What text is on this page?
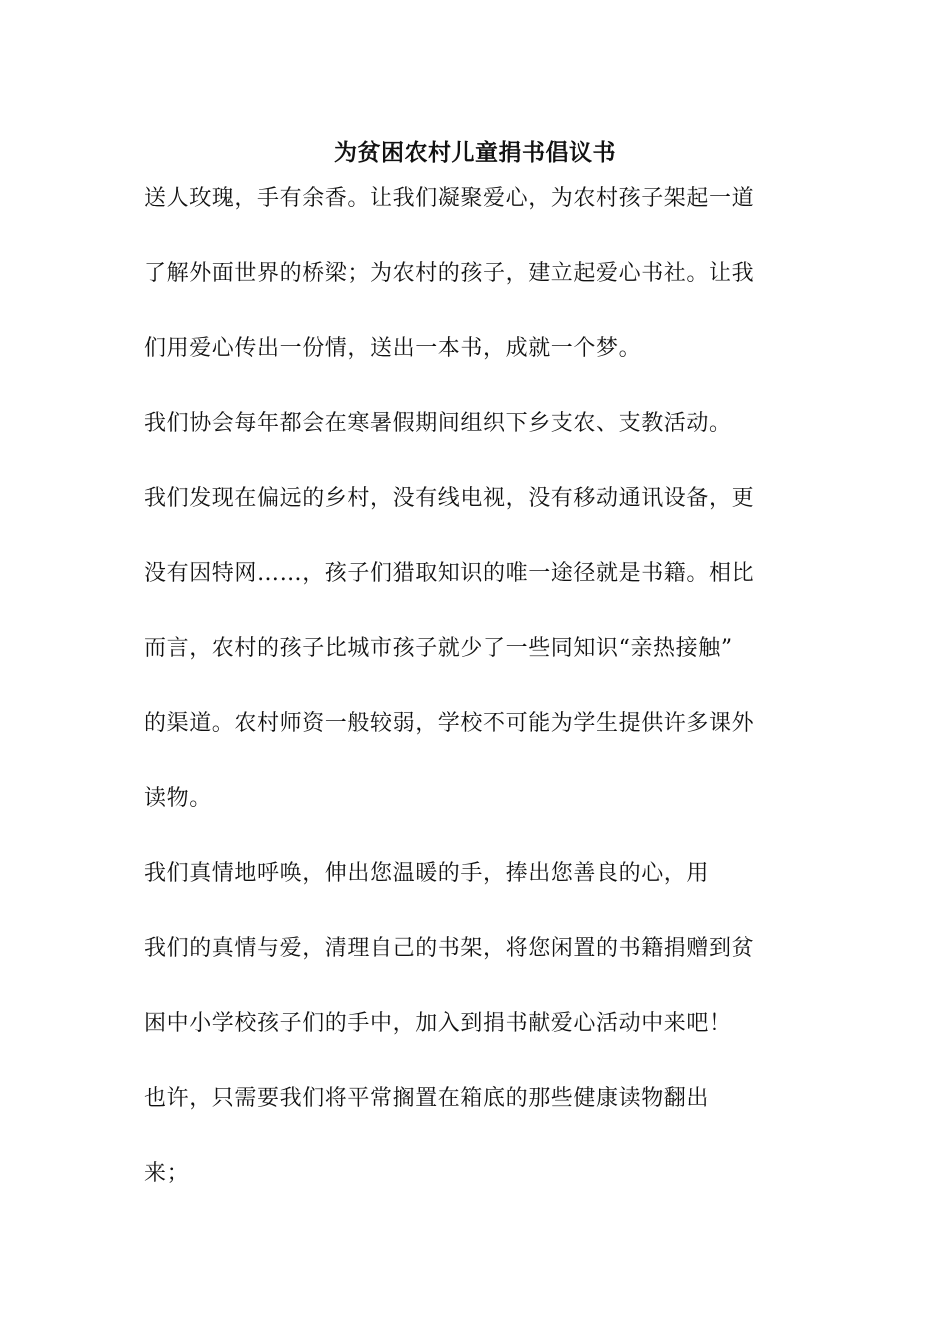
为贫困农村儿童捐书倡议书
送人玫瑰，手有余香。让我们凝聚爱心，为农村孩子架起一道
了解外面世界的桥梁；为农村的孩子，建立起爱心书社。让我
们用爱心传出一份情，送出一本书，成就一个梦。
我们协会每年都会在寒暑假期间组织下乡支农、支教活动。
我们发现在偏远的乡村，没有线电视，没有移动通讯设备，更
没有因特网……，孩子们猎取知识的唯一途径就是书籍。相比
而言，农村的孩子比城市孩子就少了一些同知识“亲热接触”
的渠道。农村师资一般较弱，学校不可能为学生提供许多课外
读物。
我们真情地呼唤，伸出您温暖的手，捧出您善良的心，用
我们的真情与爱，清理自己的书架，将您闲置的书籍捐赠到贫
困中小学校孩子们的手中，加入到捐书献爱心活动中来吧！
也许，只需要我们将平常搁置在箱底的那些健康读物翻出
来；
